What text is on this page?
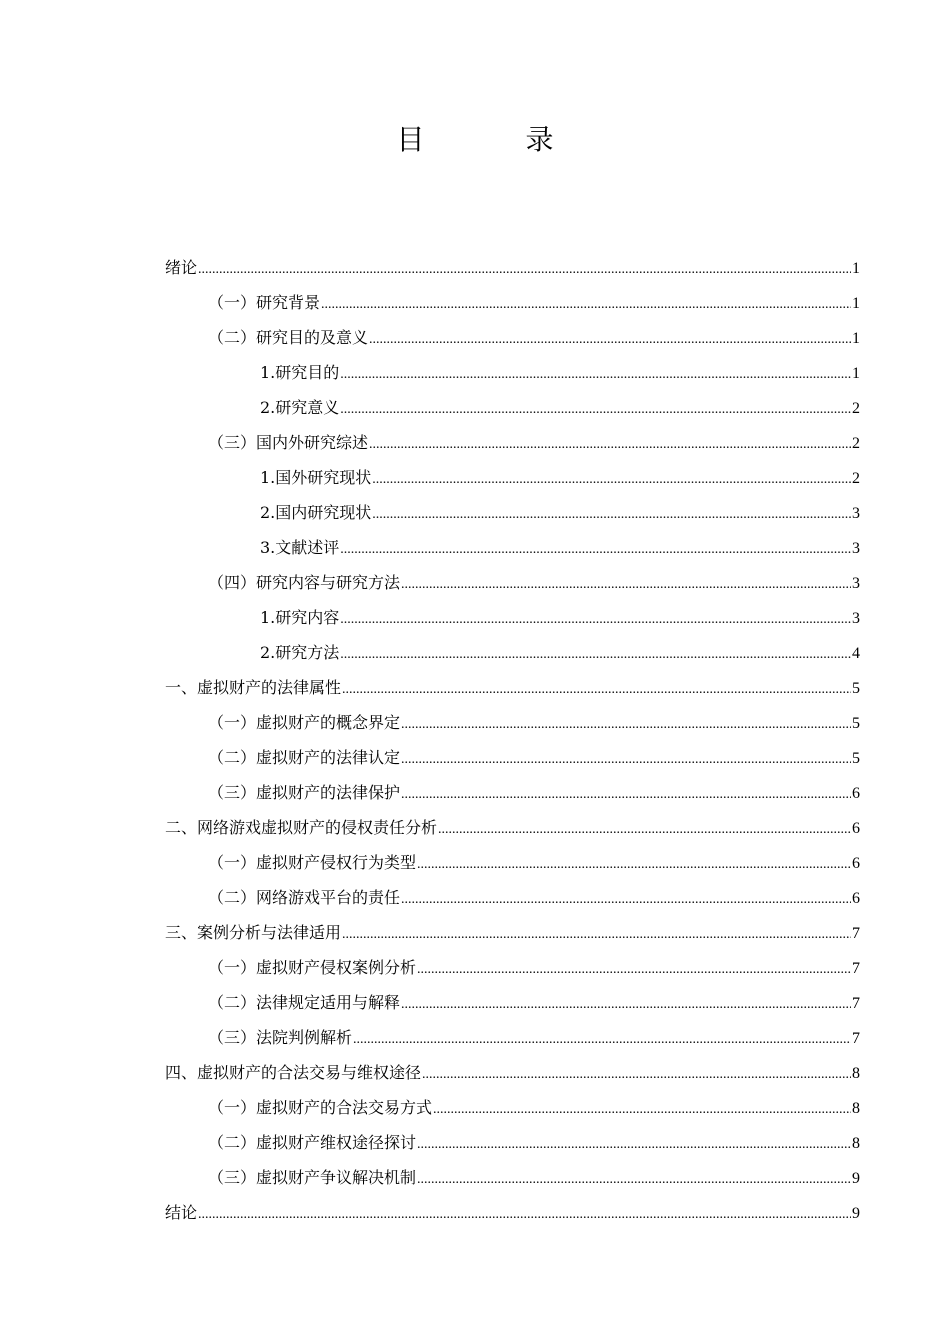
目 录
绪论 .....	1
（一）研究背景 .....	1
（二）研究目的及意义 .....	1
1.研究目的 .....	1
2.研究意义 .....	2
（三）国内外研究综述 .....	2
1.国外研究现状 .....	2
2.国内研究现状 .....	3
3.文献述评 .....	3
（四）研究内容与研究方法 .....	3
1.研究内容 .....	3
2.研究方法 .....	4
一、虚拟财产的法律属性 .....	5
（一）虚拟财产的概念界定 .....	5
（二）虚拟财产的法律认定 .....	5
（三）虚拟财产的法律保护 .....	6
二、网络游戏虚拟财产的侵权责任分析 .....	6
（一）虚拟财产侵权行为类型 .....	6
（二）网络游戏平台的责任 .....	6
三、案例分析与法律适用 .....	7
（一）虚拟财产侵权案例分析 .....	7
（二）法律规定适用与解释 .....	7
（三）法院判例解析 .....	7
四、虚拟财产的合法交易与维权途径 .....	8
（一）虚拟财产的合法交易方式 .....	8
（二）虚拟财产维权途径探讨 .....	8
（三）虚拟财产争议解决机制 .....	9
结论 .....	9
